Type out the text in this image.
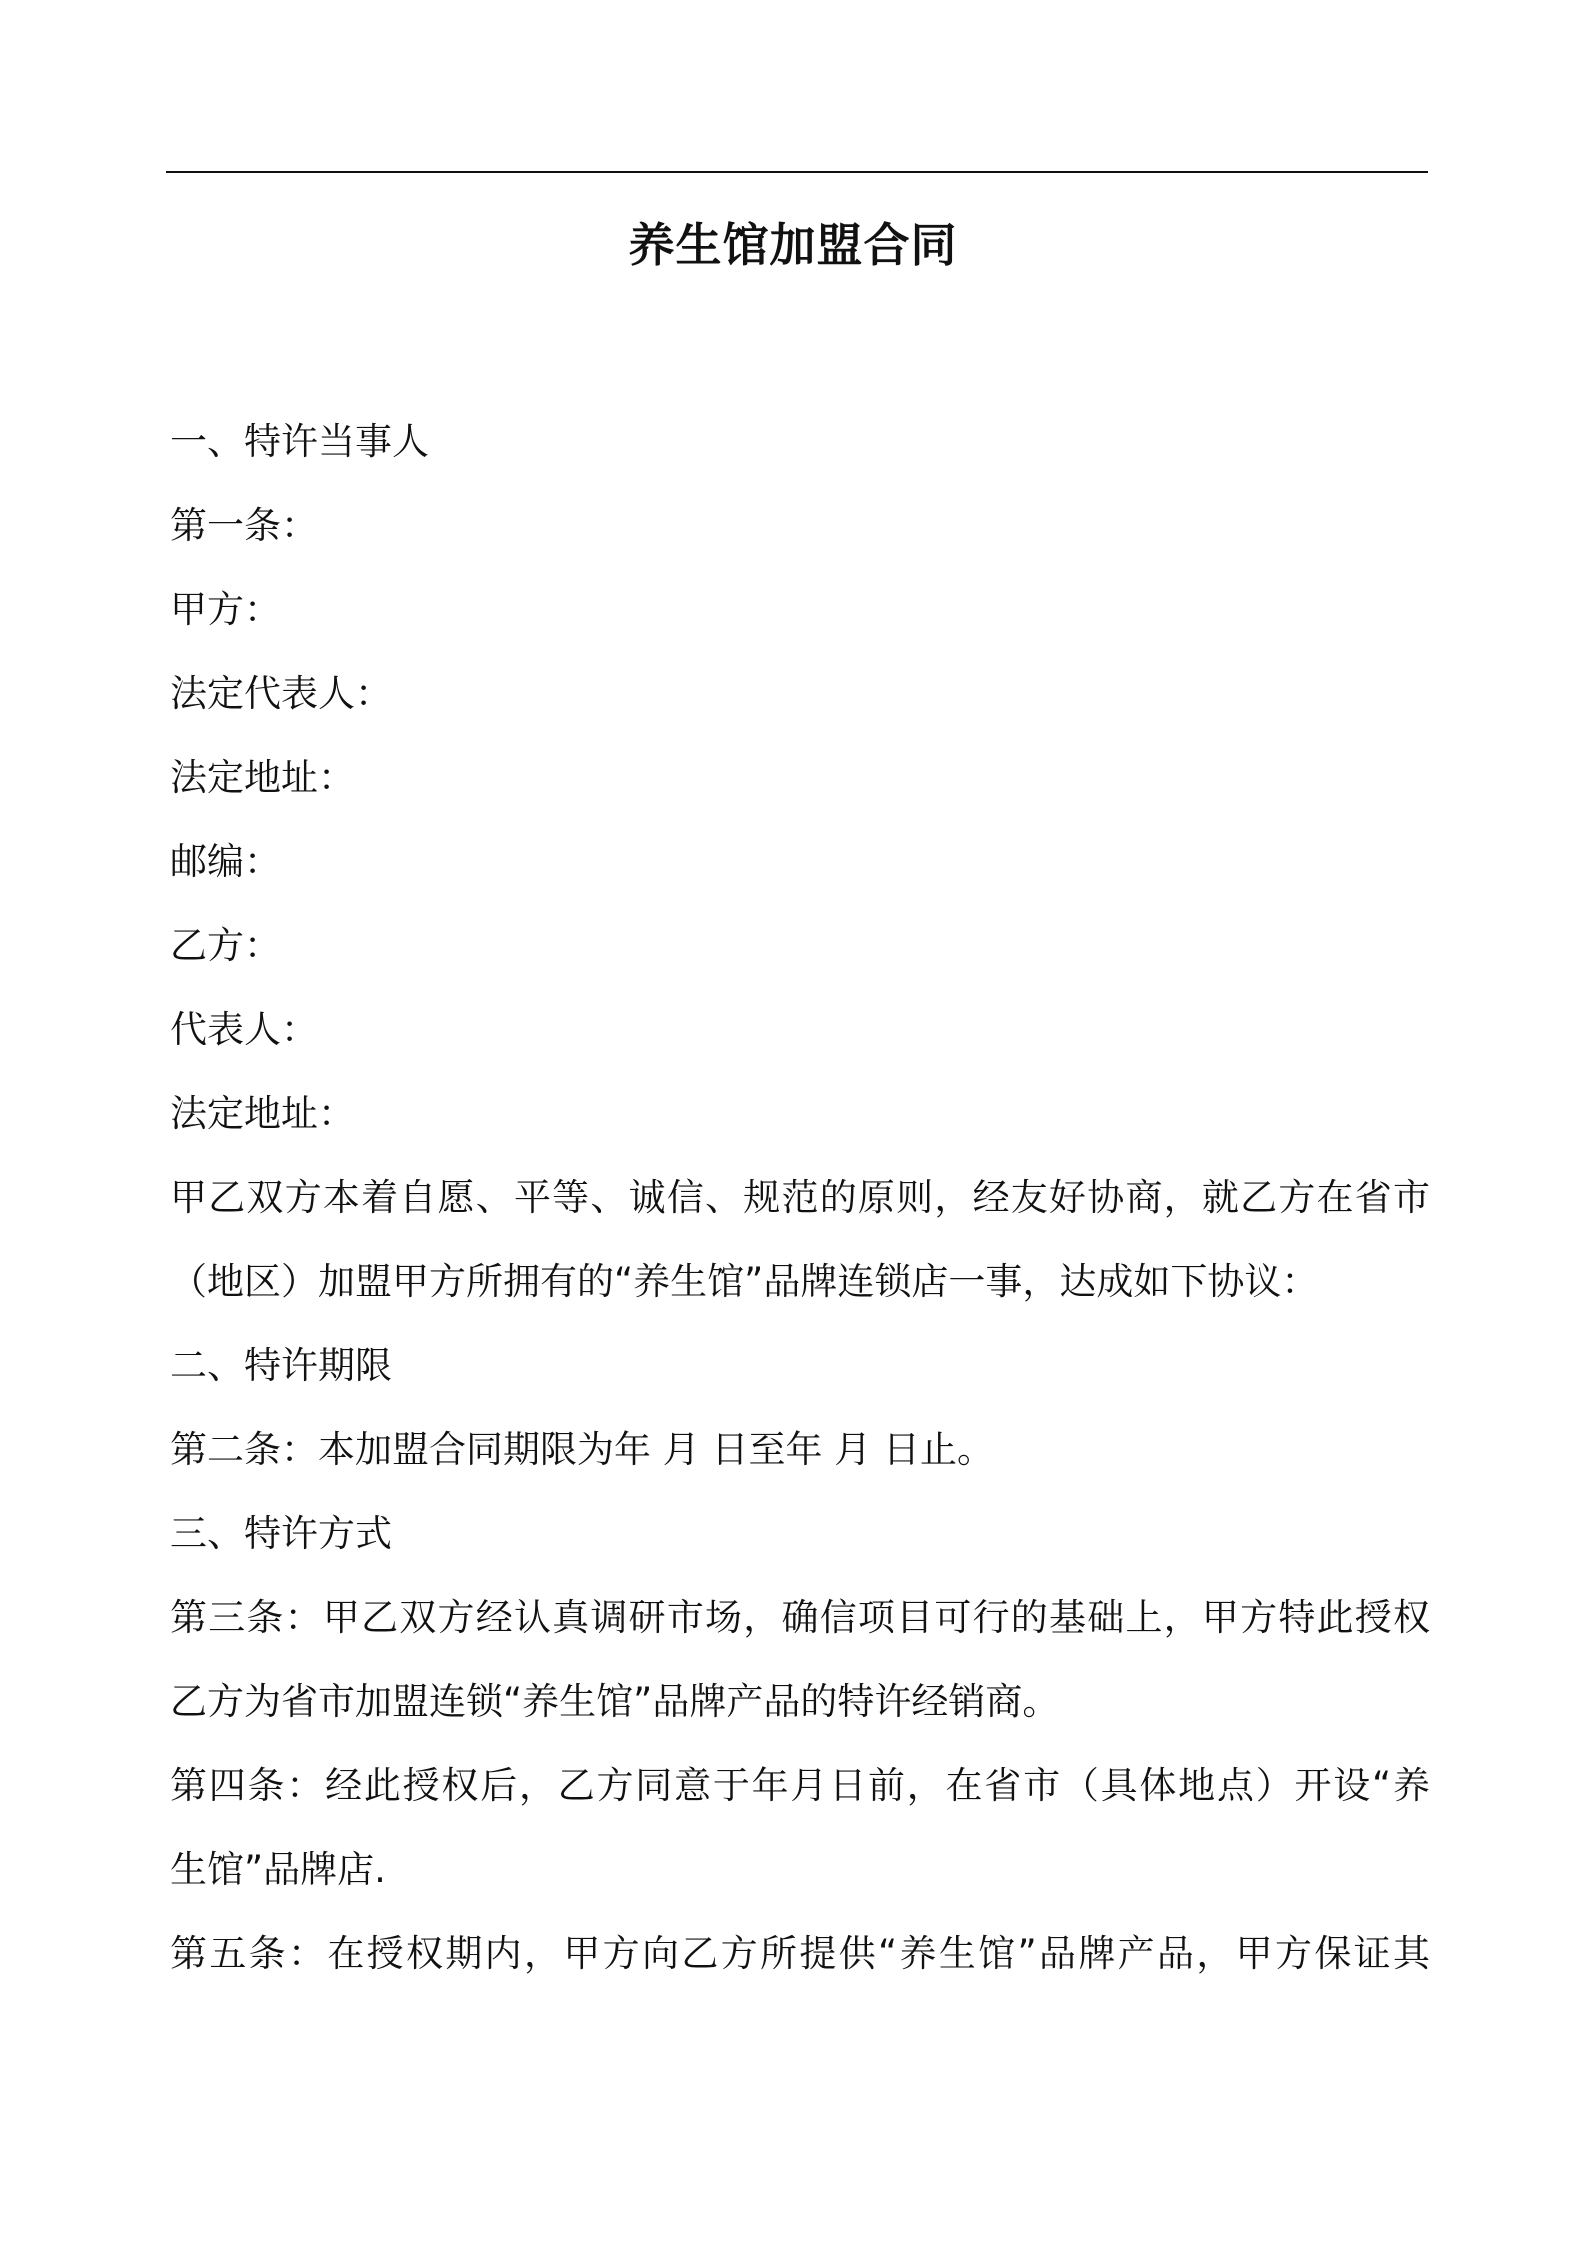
养生馆加盟合同

一、特许当事人

第一条：

甲方：

法定代表人：

法定地址：

邮编：

乙方：

代表人：

法定地址：

甲乙双方本着自愿、平等、诚信、规范的原则，经友好协商，就乙方在省市

（地区）加盟甲方所拥有的“养生馆”品牌连锁店一事，达成如下协议：

二、特许期限

第二条：本加盟合同期限为年 月 日至年 月 日止。

三、特许方式

第三条：甲乙双方经认真调研市场，确信项目可行的基础上，甲方特此授权

乙方为省市加盟连锁“养生馆”品牌产品的特许经销商。

第四条：经此授权后，乙方同意于年月日前，在省市（具体地点）开设“养

生馆”品牌店.

第五条：在授权期内，甲方向乙方所提供“养生馆”品牌产品，甲方保证其
